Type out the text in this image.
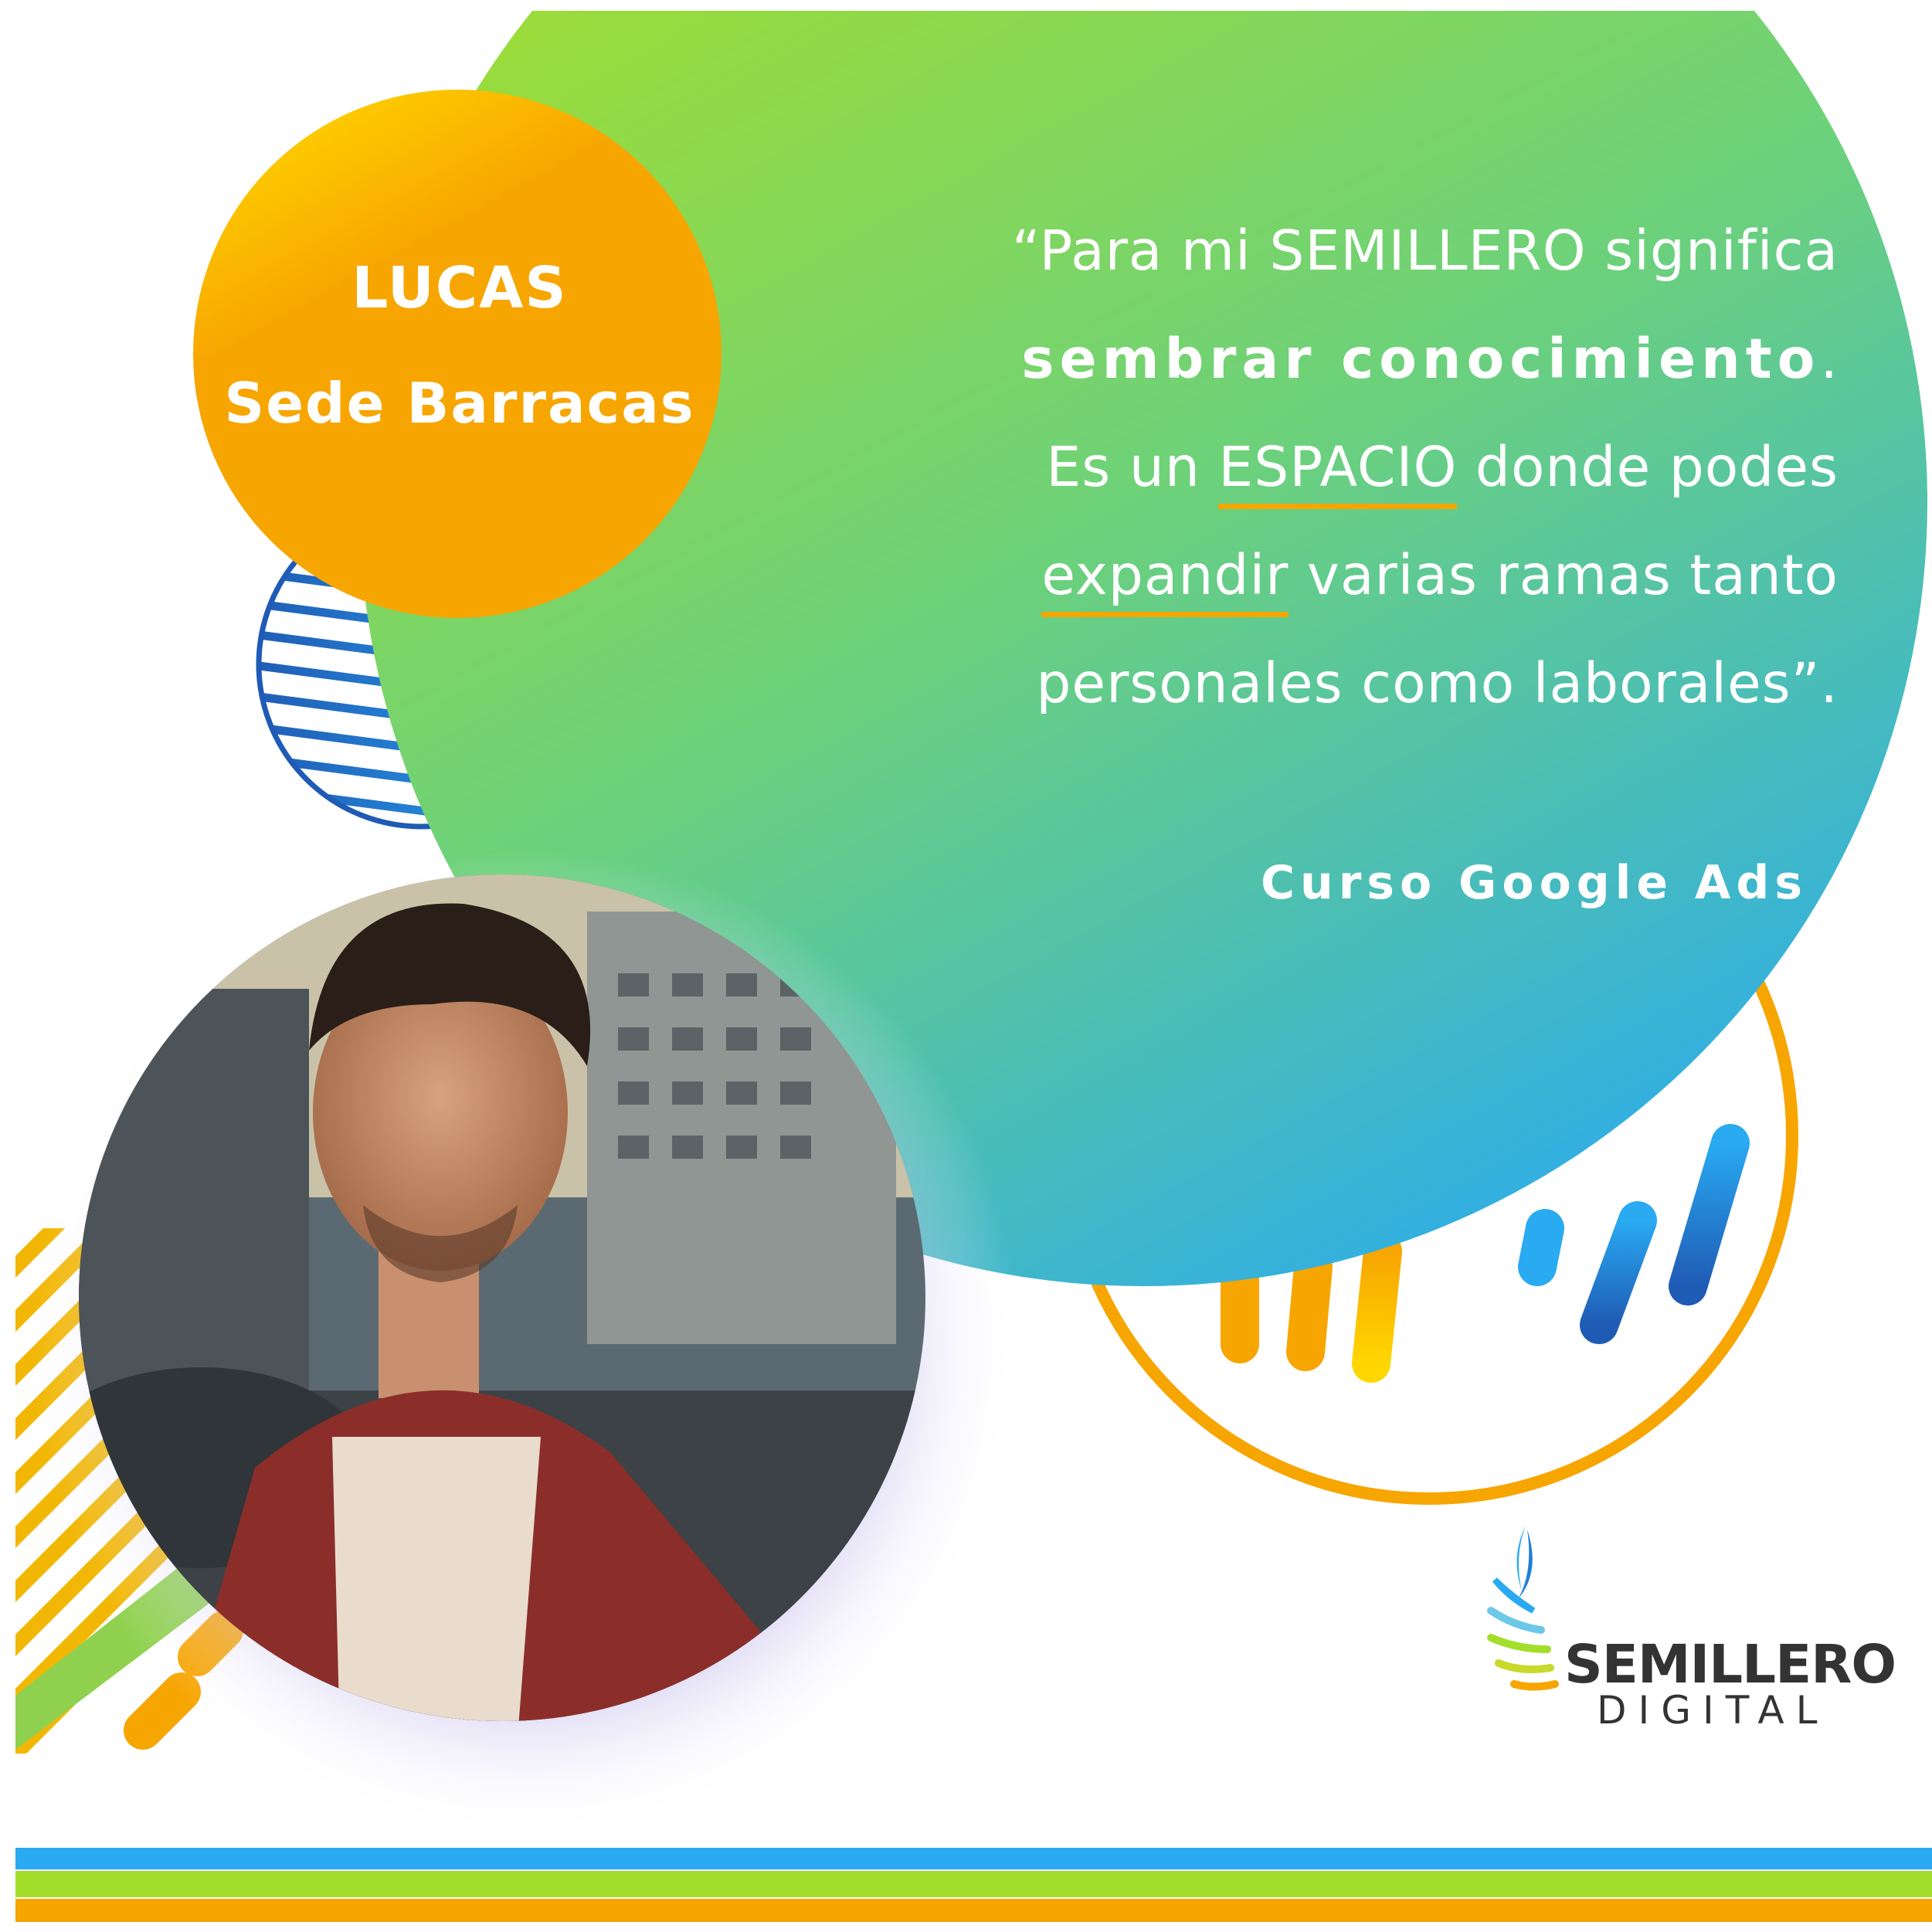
LUCAS
Sede Barracas
“Para mi SEMILLERO significa
sembrar conocimiento.
Es un ESPACIO donde podes
expandir varias ramas tanto
personales como laborales”.
Curso Google Ads
SEMILLERO
DIGITAL
